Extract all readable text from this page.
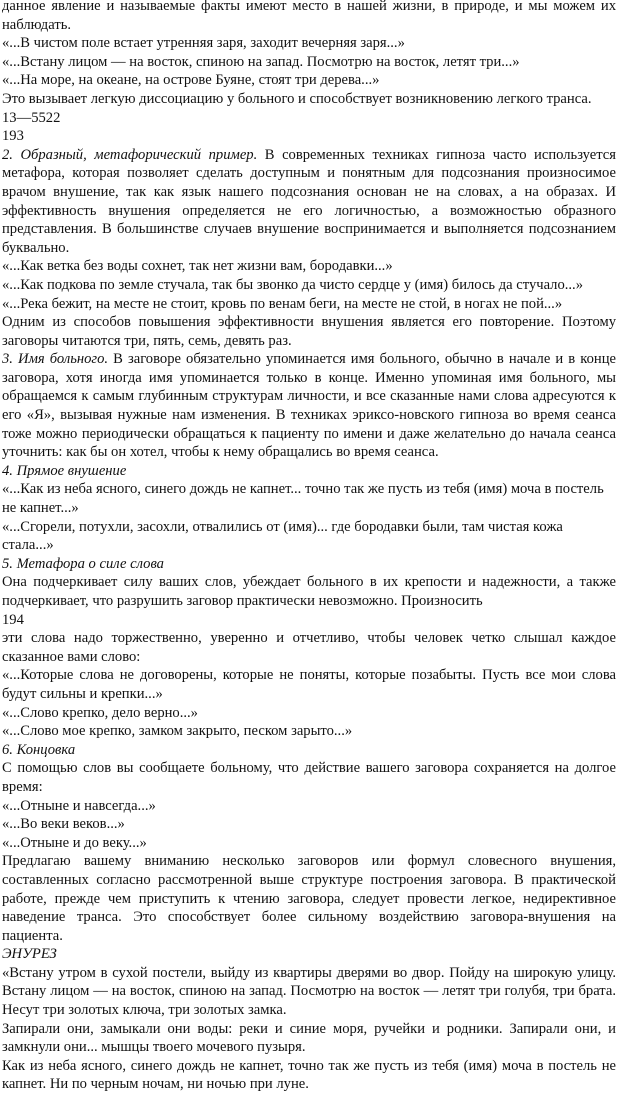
данное явление и называемые факты имеют место в нашей жизни, в природе, и мы можем их наблюдать.

«...В чистом поле встает утренняя заря, заходит вечерняя заря...»

«...Встану лицом — на восток, спиною на запад. Посмотрю на восток, летят три...»

«...На море, на океане, на острове Буяне, стоят три дерева...»

Это вызывает легкую диссоциацию у больного и способствует возникновению легкого транса.

13—5522

193

2. Образный, метафорический пример. В современных техниках гипноза часто используется метафора, которая позволяет сделать доступным и понятным для подсознания произносимое врачом внушение, так как язык нашего подсознания основан не на словах, а на образах. И эффективность внушения определяется не его логичностью, а возможностью образного представления. В большинстве случаев внушение воспринимается и выполняется подсознанием буквально.

«...Как ветка без воды сохнет, так нет жизни вам, бородавки...»

«...Как подкова по земле стучала, так бы звонко да чисто сердце у (имя) билось да стучало...»

«...Река бежит, на месте не стоит, кровь по венам беги, на месте не стой, в ногах не пой...»

Одним из способов повышения эффективности внушения является его повторение. Поэтому заговоры читаются три, пять, семь, девять раз.

3. Имя больного. В заговоре обязательно упоминается имя больного, обычно в начале и в конце заговора, хотя иногда имя упоминается только в конце. Именно упоминая имя больного, мы обращаемся к самым глубинным структурам личности, и все сказанные нами слова адресуются к его «Я», вызывая нужные нам изменения. В техниках эриксо-новского гипноза во время сеанса тоже можно периодически обращаться к пациенту по имени и даже желательно до начала сеанса уточнить: как бы он хотел, чтобы к нему обращались во время сеанса.

4. Прямое внушение

«...Как из неба ясного, синего дождь не капнет... точно так же пусть из тебя (имя) моча в постель не капнет...»

«...Сгорели, потухли, засохли, отвалились от (имя)... где бородавки были, там чистая кожа стала...»

5. Метафора о силе слова

Она подчеркивает силу ваших слов, убеждает больного в их крепости и надежности, а также подчеркивает, что разрушить заговор практически невозможно. Произносить

194

эти слова надо торжественно, уверенно и отчетливо, чтобы человек четко слышал каждое сказанное вами слово:

«...Которые слова не договорены, которые не поняты, которые позабыты. Пусть все мои слова будут сильны и крепки...»

«...Слово крепко, дело верно...»

«...Слово мое крепко, замком закрыто, песком зарыто...»

6. Концовка

С помощью слов вы сообщаете больному, что действие вашего заговора сохраняется на долгое время:

«...Отныне и навсегда...»

«...Во веки веков...»

«...Отныне и до веку...»

Предлагаю вашему вниманию несколько заговоров или формул словесного внушения, составленных согласно рассмотренной выше структуре построения заговора. В практической работе, прежде чем приступить к чтению заговора, следует провести легкое, недирективное наведение транса. Это способствует более сильному воздействию заговора-внушения на пациента.

ЭНУРЕЗ

«Встану утром в сухой постели, выйду из квартиры дверями во двор. Пойду на широкую улицу. Встану лицом — на восток, спиною на запад. Посмотрю на восток — летят три голубя, три брата. Несут три золотых ключа, три золотых замка.

Запирали они, замыкали они воды: реки и синие моря, ручейки и родники. Запирали они, и замкнули они... мышцы твоего мочевого пузыря.

Как из неба ясного, синего дождь не капнет, точно так же пусть из тебя (имя) моча в постель не капнет. Ни по черным ночам, ни ночью при луне.
